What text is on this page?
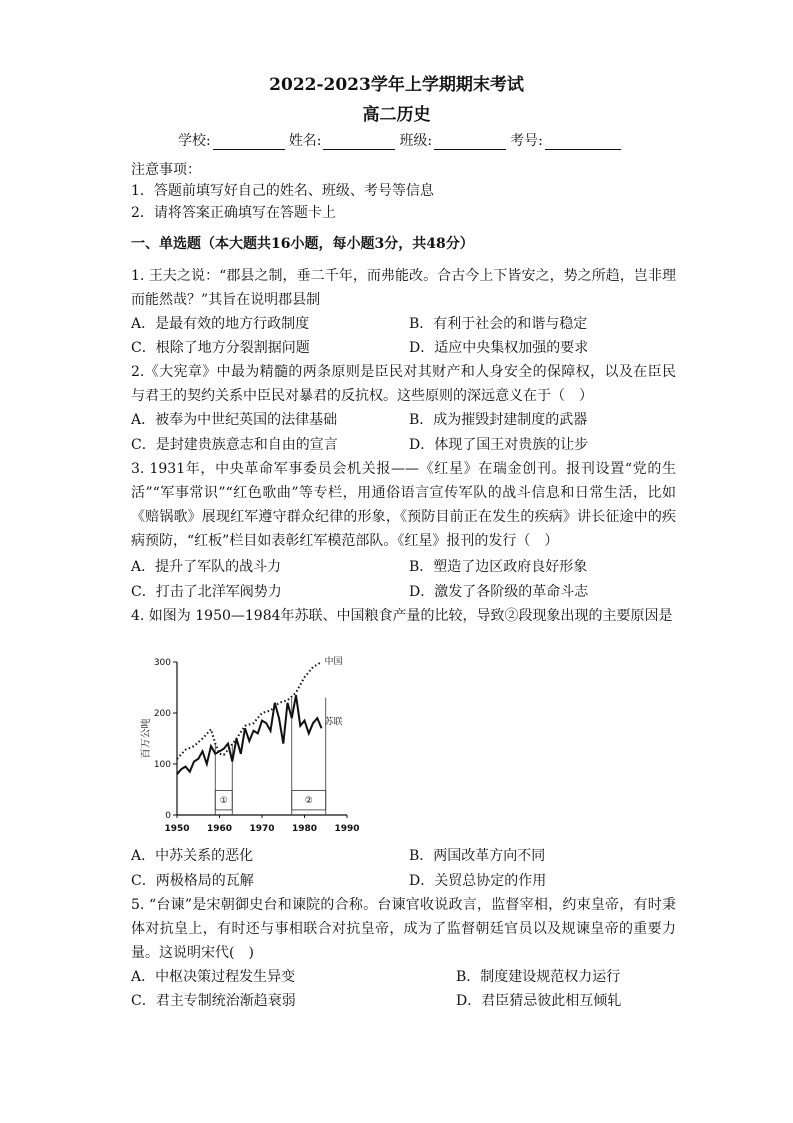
2022-2023学年上学期期末考试
高二历史
学校:	姓名:	班级:	考号:
注意事项：
1．答题前填写好自己的姓名、班级、考号等信息
2．请将答案正确填写在答题卡上
一、单选题（本大题共16小题，每小题3分，共48分）
1. 王夫之说：“郡县之制，垂二千年，而弗能改。合古今上下皆安之，势之所趋，岂非理而能然哉？”其旨在说明郡县制
A．是最有效的地方行政制度	B．有利于社会的和谐与稳定
C．根除了地方分裂割据问题	D．适应中央集权加强的要求
2.《大宪章》中最为精髓的两条原则是臣民对其财产和人身安全的保障权，以及在臣民与君王的契约关系中臣民对暴君的反抗权。这些原则的深远意义在于（　）
A．被奉为中世纪英国的法律基础	B．成为摧毁封建制度的武器
C．是封建贵族意志和自由的宣言	D．体现了国王对贵族的让步
3. 1931年，中央革命军事委员会机关报——《红星》在瑞金创刊。报刊设置“党的生活”“军事常识”“红色歌曲”等专栏，用通俗语言宣传军队的战斗信息和日常生活，比如《赔锅歌》展现红军遵守群众纪律的形象，《预防目前正在发生的疾病》讲长征途中的疾病预防，“红板”栏目如表彰红军模范部队。《红星》报刊的发行（　）
A．提升了军队的战斗力	B．塑造了边区政府良好形象
C．打击了北洋军阀势力	D．激发了各阶级的革命斗志
4. 如图为 1950—1984年苏联、中国粮食产量的比较，导致②段现象出现的主要原因是
0
100
200
300
1950 1960 1970 1980 1990
百万公吨
①	②
中国
苏联
A．中苏关系的恶化	B．两国改革方向不同
C．两极格局的瓦解	D．关贸总协定的作用
5. “台谏”是宋朝御史台和谏院的合称。台谏官收说政言，监督宰相，约束皇帝，有时秉体对抗皇上，有时还与事相联合对抗皇帝，成为了监督朝廷官员以及规谏皇帝的重要力量。这说明宋代(　)
A．中枢决策过程发生异变	B．制度建设规范权力运行
C．君主专制统治渐趋衰弱	D．君臣猜忌彼此相互倾轧
